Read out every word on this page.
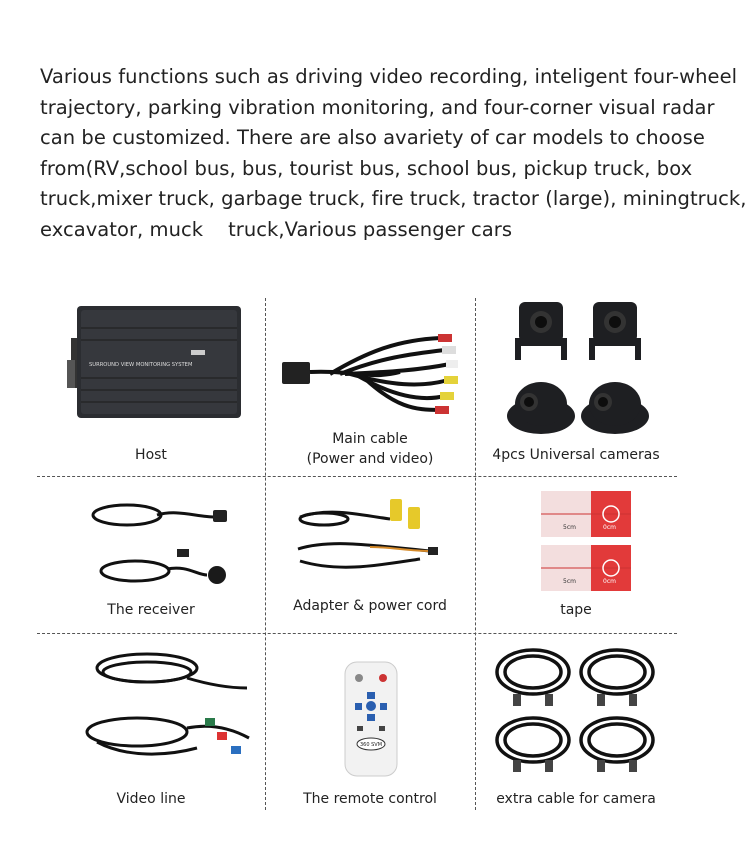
Various functions such as driving video recording, inteligent four-wheel
trajectory, parking vibration monitoring, and four-corner visual radar
can be customized. There are also avariety of car models to choose
from(RV,school bus, bus, tourist bus, school bus, pickup truck, box
truck,mixer truck, garbage truck, fire truck, tractor (large), miningtruck,
excavator, muck    truck,Various passenger cars
SURROUND VIEW MONITORING SYSTEM
Host
Main cable
(Power and video)	4pcs Universal cameras
The receiver	Adapter & power cord
5cm	0cm
5cm	0cm
tape
Video line
360 SVM
The remote control	extra cable for camera
